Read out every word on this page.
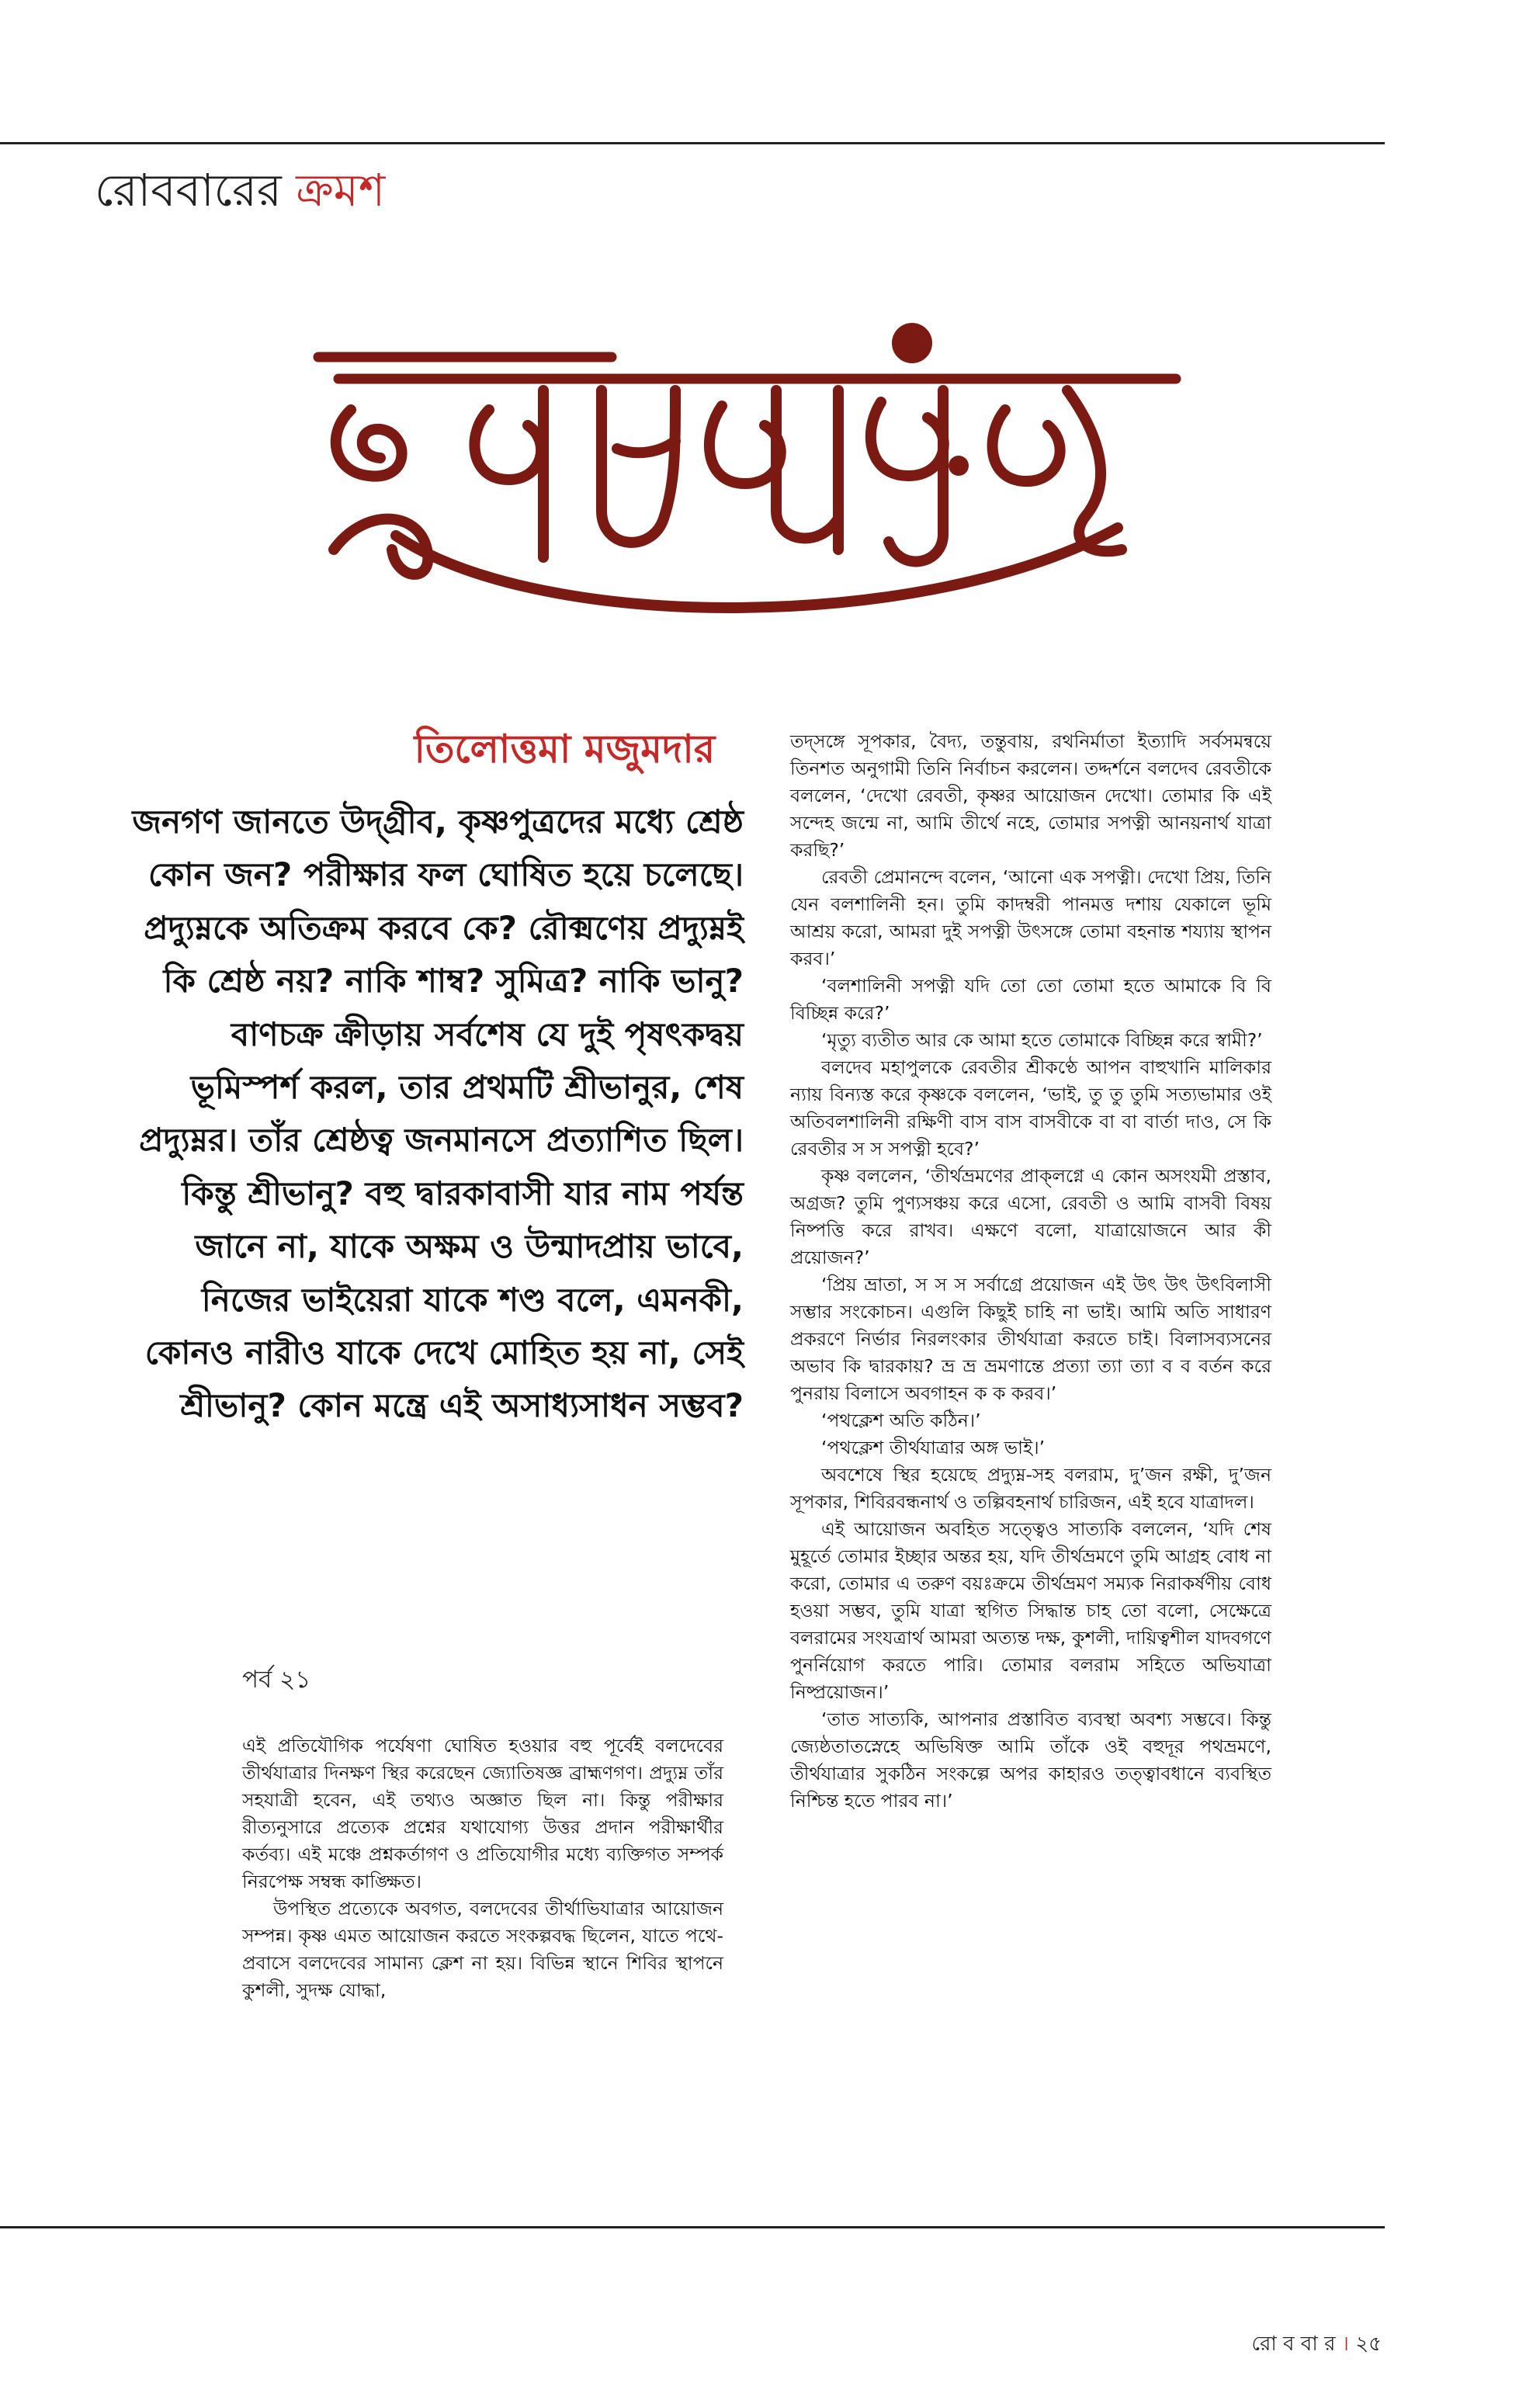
রোববারের ক্রমশ
তিলোত্তমা মজুমদার

জনগণ জানতে উদ্গ্রীব, কৃষ্ণপুত্রদের মধ্যে শ্রেষ্ঠ কোন জন? পরীক্ষার ফল ঘোষিত হয়ে চলেছে। প্রদ্যুম্নকে অতিক্রম করবে কে? রৌক্মণেয় প্রদ্যুম্নই কি শ্রেষ্ঠ নয়? নাকি শাম্ব? সুমিত্র? নাকি ভানু? বাণচক্র ক্রীড়ায় সর্বশেষ যে দুই পৃষৎকদ্বয় ভূমিস্পর্শ করল, তার প্রথমটি শ্রীভানুর, শেষ প্রদ্যুম্নর। তাঁর শ্রেষ্ঠত্ব জনমানসে প্রত্যাশিত ছিল। কিন্তু শ্রীভানু? বহু দ্বারকাবাসী যার নাম পর্যন্ত জানে না, যাকে অক্ষম ও উন্মাদপ্রায় ভাবে, নিজের ভাইয়েরা যাকে শণ্ড বলে, এমনকী, কোনও নারীও যাকে দেখে মোহিত হয় না, সেই শ্রীভানু? কোন মন্ত্রে এই অসাধ্যসাধন সম্ভব?

পর্ব ২১

এই প্রতিযৌগিক পর্যেষণা ঘোষিত হওয়ার বহু পূর্বেই বলদেবের তীর্থযাত্রার দিনক্ষণ স্থির করেছেন জ্যোতিষজ্ঞ ব্রাহ্মণগণ। প্রদ্যুম্ন তাঁর সহযাত্রী হবেন, এই তথ্যও অজ্ঞাত ছিল না। কিন্তু পরীক্ষার রীত্যনুসারে প্রত্যেক প্রশ্নের যথাযোগ্য উত্তর প্রদান পরীক্ষার্থীর কর্তব্য। এই মঞ্চে প্রশ্নকর্তাগণ ও প্রতিযোগীর মধ্যে ব্যক্তিগত সম্পর্ক নিরপেক্ষ সম্বন্ধ কাঙ্ক্ষিত।

উপস্থিত প্রত্যেকে অবগত, বলদেবের তীর্থাভিযাত্রার আয়োজন সম্পন্ন। কৃষ্ণ এমত আয়োজন করতে সংকল্পবদ্ধ ছিলেন, যাতে পথে-প্রবাসে বলদেবের সামান্য ক্লেশ না হয়। বিভিন্ন স্থানে শিবির স্থাপনে কুশলী, সুদক্ষ যোদ্ধা,

তদ্সঙ্গে সূপকার, বৈদ্য, তন্তুবায়, রথনির্মাতা ইত্যাদি সর্বসমন্বয়ে তিনশত অনুগামী তিনি নির্বাচন করলেন। তদ্দর্শনে বলদেব রেবতীকে বললেন, ‘দেখো রেবতী, কৃষ্ণর আয়োজন দেখো। তোমার কি এই সন্দেহ জন্মে না, আমি তীর্থে নহে, তোমার সপত্নী আনয়নার্থ যাত্রা করছি?’

রেবতী প্রেমানন্দে বলেন, ‘আনো এক সপত্নী। দেখো প্রিয়, তিনি যেন বলশালিনী হন। তুমি কাদম্বরী পানমত্ত দশায় যেকালে ভূমি আশ্রয় করো, আমরা দুই সপত্নী উৎসঙ্গে তোমা বহনান্ত শয্যায় স্থাপন করব।’

‘বলশালিনী সপত্নী যদি তো তো তোমা হতে আমাকে বি বি বিচ্ছিন্ন করে?’

‘মৃত্যু ব্যতীত আর কে আমা হতে তোমাকে বিচ্ছিন্ন করে স্বামী?’

বলদেব মহাপুলকে রেবতীর শ্রীকণ্ঠে আপন বাহুখানি মালিকার ন্যায় বিন্যস্ত করে কৃষ্ণকে বললেন, ‘ভাই, তু তু তুমি সত্যভামার ওই অতিবলশালিনী রক্ষিণী বাস বাস বাসবীকে বা বা বার্তা দাও, সে কি রেবতীর স স সপত্নী হবে?’

কৃষ্ণ বললেন, ‘তীর্থভ্রমণের প্রাক্‌লগ্নে এ কোন অসংযমী প্রস্তাব, অগ্রজ? তুমি পুণ্যসঞ্চয় করে এসো, রেবতী ও আমি বাসবী বিষয় নিষ্পত্তি করে রাখব। এক্ষণে বলো, যাত্রায়োজনে আর কী প্রয়োজন?’

‘প্রিয় ভ্রাতা, স স স সর্বাগ্রে প্রয়োজন এই উৎ উৎ উৎবিলাসী সম্ভার সংকোচন। এগুলি কিছুই চাহি না ভাই। আমি অতি সাধারণ প্রকরণে নির্ভার নিরলংকার তীর্থযাত্রা করতে চাই। বিলাসব্যসনের অভাব কি দ্বারকায়? ভ্র ভ্র ভ্রমণান্তে প্রত্যা ত্যা ত্যা ব ব বর্তন করে পুনরায় বিলাসে অবগাহন ক ক করব।’

‘পথক্লেশ অতি কঠিন।’

‘পথক্লেশ তীর্থযাত্রার অঙ্গ ভাই।’

অবশেষে স্থির হয়েছে প্রদ্যুম্ন-সহ বলরাম, দু’জন রক্ষী, দু’জন সূপকার, শিবিরবন্ধনার্থ ও তল্পিবহনার্থ চারিজন, এই হবে যাত্রাদল।

এই আয়োজন অবহিত সত্ত্বেও সাত্যকি বললেন, ‘যদি শেষ মুহূর্তে তোমার ইচ্ছার অন্তর হয়, যদি তীর্থভ্রমণে তুমি আগ্রহ বোধ না করো, তোমার এ তরুণ বয়ঃক্রমে তীর্থভ্রমণ সম্যক নিরাকর্ষণীয় বোধ হওয়া সম্ভব, তুমি যাত্রা স্থগিত সিদ্ধান্ত চাহ তো বলো, সেক্ষেত্রে বলরামের সংযত্রার্থ আমরা অত্যন্ত দক্ষ, কুশলী, দায়িত্বশীল যাদবগণে পুনর্নিয়োগ করতে পারি। তোমার বলরাম সহিতে অভিযাত্রা নিষ্প্রয়োজন।’

‘তাত সাত্যকি, আপনার প্রস্তাবিত ব্যবস্থা অবশ্য সম্ভবে। কিন্তু জ্যেষ্ঠতাতস্নেহে অভিষিক্ত আমি তাঁকে ওই বহুদূর পথভ্রমণে, তীর্থযাত্রার সুকঠিন সংকল্পে অপর কাহারও তত্ত্বাবধানে ব্যবস্থিত নিশ্চিন্ত হতে পারব না।’

রো ব বা র । ২৫
